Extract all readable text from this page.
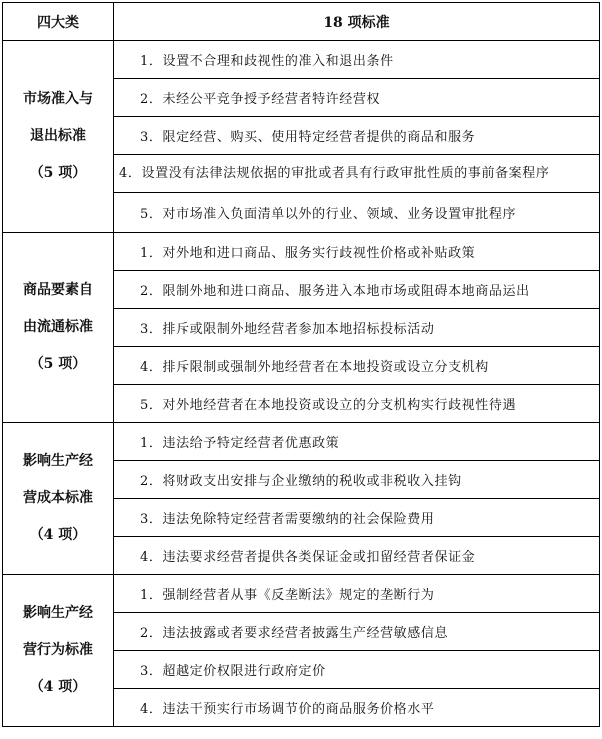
四大类	18 项标准

市场准入与
退出标准
（5 项）	1．设置不合理和歧视性的准入和退出条件
	2．未经公平竞争授予经营者特许经营权
	3．限定经营、购买、使用特定经营者提供的商品和服务
	4．设置没有法律法规依据的审批或者具有行政审批性质的事前备案程序
	5．对市场准入负面清单以外的行业、领域、业务设置审批程序

商品要素自
由流通标准
（5 项）	1．对外地和进口商品、服务实行歧视性价格或补贴政策
	2．限制外地和进口商品、服务进入本地市场或阻碍本地商品运出
	3．排斥或限制外地经营者参加本地招标投标活动
	4．排斥限制或强制外地经营者在本地投资或设立分支机构
	5．对外地经营者在本地投资或设立的分支机构实行歧视性待遇

影响生产经
营成本标准
（4 项）	1．违法给予特定经营者优惠政策
	2．将财政支出安排与企业缴纳的税收或非税收入挂钩
	3．违法免除特定经营者需要缴纳的社会保险费用
	4．违法要求经营者提供各类保证金或扣留经营者保证金

影响生产经
营行为标准
（4 项）	1．强制经营者从事《反垄断法》规定的垄断行为
	2．违法披露或者要求经营者披露生产经营敏感信息
	3．超越定价权限进行政府定价
	4．违法干预实行市场调节价的商品服务价格水平
